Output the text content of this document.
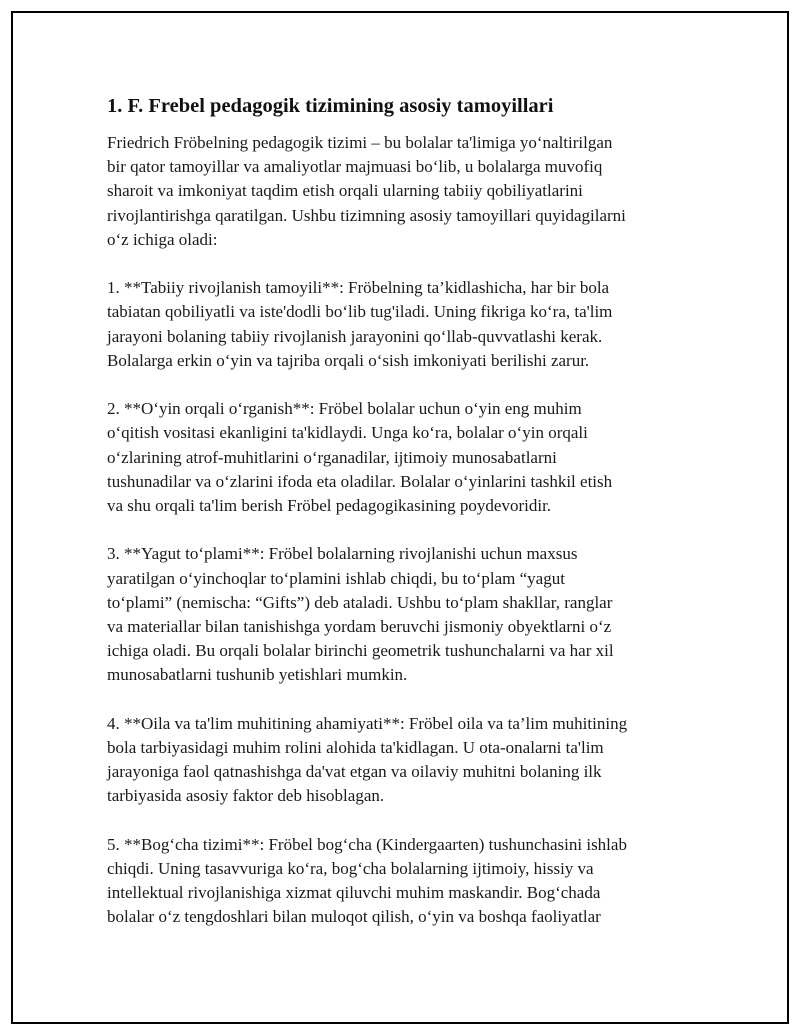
1. F. Frebel pedagogik tizimining asosiy tamoyillari

Friedrich Fröbelning pedagogik tizimi – bu bolalar ta'limiga yo‘naltirilgan
bir qator tamoyillar va amaliyotlar majmuasi bo‘lib, u bolalarga muvofiq
sharoit va imkoniyat taqdim etish orqali ularning tabiiy qobiliyatlarini
rivojlantirishga qaratilgan. Ushbu tizimning asosiy tamoyillari quyidagilarni
o‘z ichiga oladi:

1. **Tabiiy rivojlanish tamoyili**: Fröbelning ta’kidlashicha, har bir bola
tabiatan qobiliyatli va iste'dodli bo‘lib tug'iladi. Uning fikriga ko‘ra, ta'lim
jarayoni bolaning tabiiy rivojlanish jarayonini qo‘llab-quvvatlashi kerak.
Bolalarga erkin o‘yin va tajriba orqali o‘sish imkoniyati berilishi zarur.

2. **O‘yin orqali o‘rganish**: Fröbel bolalar uchun o‘yin eng muhim
o‘qitish vositasi ekanligini ta'kidlaydi. Unga ko‘ra, bolalar o‘yin orqali
o‘zlarining atrof-muhitlarini o‘rganadilar, ijtimoiy munosabatlarni
tushunadilar va o‘zlarini ifoda eta oladilar. Bolalar o‘yinlarini tashkil etish
va shu orqali ta'lim berish Fröbel pedagogikasining poydevoridir.

3. **Yagut to‘plami**: Fröbel bolalarning rivojlanishi uchun maxsus
yaratilgan o‘yinchoqlar to‘plamini ishlab chiqdi, bu to‘plam “yagut
to‘plami” (nemischa: “Gifts”) deb ataladi. Ushbu to‘plam shakllar, ranglar
va materiallar bilan tanishishga yordam beruvchi jismoniy obyektlarni o‘z
ichiga oladi. Bu orqali bolalar birinchi geometrik tushunchalarni va har xil
munosabatlarni tushunib yetishlari mumkin.

4. **Oila va ta'lim muhitining ahamiyati**: Fröbel oila va ta’lim muhitining
bola tarbiyasidagi muhim rolini alohida ta'kidlagan. U ota-onalarni ta'lim
jarayoniga faol qatnashishga da'vat etgan va oilaviy muhitni bolaning ilk
tarbiyasida asosiy faktor deb hisoblagan.

5. **Bog‘cha tizimi**: Fröbel bog‘cha (Kindergaarten) tushunchasini ishlab
chiqdi. Uning tasavvuriga ko‘ra, bog‘cha bolalarning ijtimoiy, hissiy va
intellektual rivojlanishiga xizmat qiluvchi muhim maskandir. Bog‘chada
bolalar o‘z tengdoshlari bilan muloqot qilish, o‘yin va boshqa faoliyatlar
